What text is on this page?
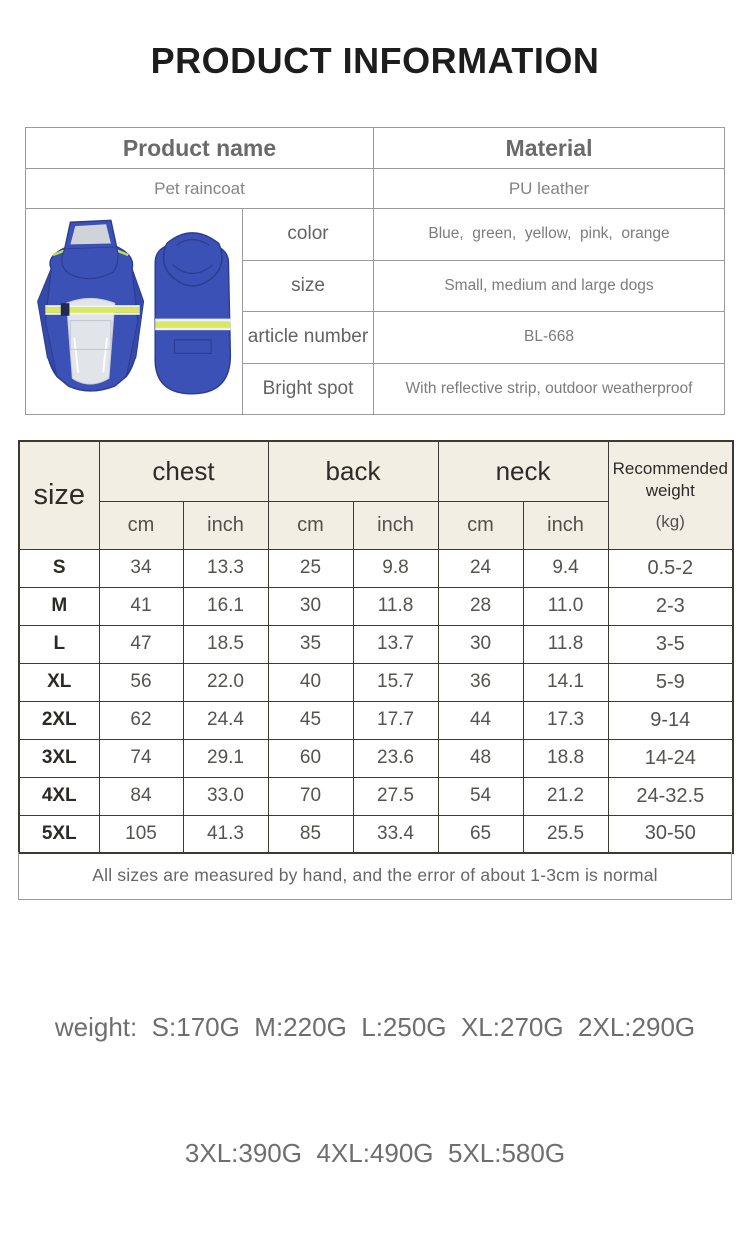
PRODUCT INFORMATION
Product name		Material
Pet raincoat		PU leather
	color	Blue,  green,  yellow,  pink,  orange
	size	Small, medium and large dogs
	article number	BL-668
	Bright spot	With reflective strip, outdoor weatherproof
size	chest		back		neck		Recommended weight
(kg)

	cm	inch	cm	inch	cm	inch	
S	34	13.3	25	9.8	24	9.4	0.5-2
M	41	16.1	30	11.8	28	11.0	2-3
L	47	18.5	35	13.7	30	11.8	3-5
XL	56	22.0	40	15.7	36	14.1	5-9
2XL	62	24.4	45	17.7	44	17.3	9-14
3XL	74	29.1	60	23.6	48	18.8	14-24
4XL	84	33.0	70	27.5	54	21.2	24-32.5
5XL	105	41.3	85	33.4	65	25.5	30-50
All sizes are measured by hand, and the error of about 1-3cm is normal

weight:  S:170G  M:220G  L:250G  XL:270G  2XL:290G

3XL:390G  4XL:490G  5XL:580G
